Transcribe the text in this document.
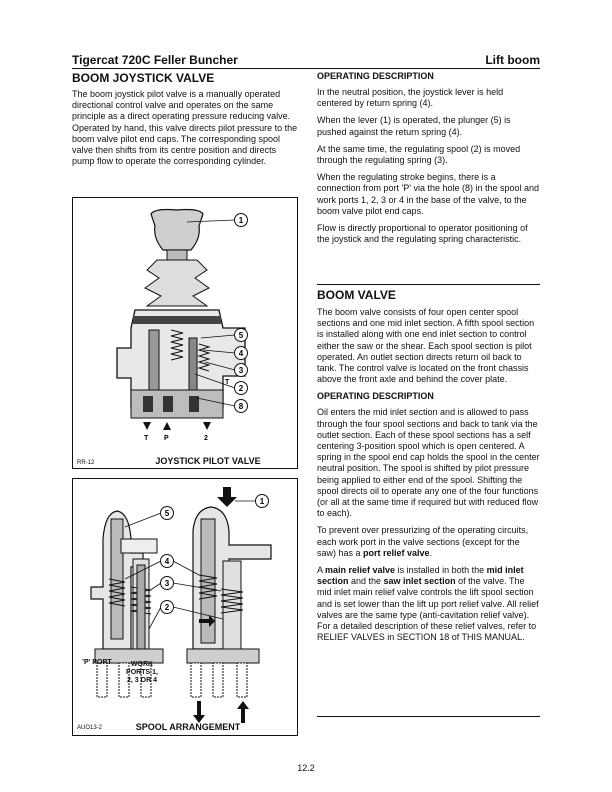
Tigercat 720C Feller Buncher	Lift boom
BOOM JOYSTICK VALVE
The boom joystick pilot valve is a manually operated directional control valve and operates on the same principle as a direct operating pressure reducing valve. Operated by hand, this valve directs pilot pressure to the boom valve pilot end caps. The corresponding spool valve then shifts from its centre position and directs pump flow to operate the corresponding cylinder.
T P	2
T
1
5
4
3
2
8
RR-12	JOYSTICK PILOT VALVE
1
5
4
3
2
'P' PORT	WORK
PORTS 1,
2, 3 OR 4
AUO13-2	SPOOL ARRANGEMENT
OPERATING DESCRIPTION
In the neutral position, the joystick lever is held centered by return spring (4).
When the lever (1) is operated, the plunger (5) is pushed against the return spring (4).
At the same time, the regulating spool (2) is moved through the regulating spring (3).
When the regulating stroke begins, there is a connection from port 'P' via the hole (8) in the spool and work ports 1, 2, 3 or 4 in the base of the valve, to the boom valve pilot end caps.
Flow is directly proportional to operator positioning of the joystick and the regulating spring characteristic.
BOOM VALVE
The boom valve consists of four open center spool sections and one mid inlet section. A fifth spool section is installed along with one end inlet section to control either the saw or the shear. Each spool section is pilot operated. An outlet section directs return oil back to tank. The control valve is located on the front chassis above the front axle and behind the cover plate.
OPERATING DESCRIPTION
Oil enters the mid inlet section and is allowed to pass through the four spool sections and back to tank via the outlet section. Each of these spool sections has a self centering 3-position spool which is open centered. A spring in the spool end cap holds the spool in the center neutral position. The spool is shifted by pilot pressure being applied to either end of the spool. Shifting the spool directs oil to operate any one of the four functions (or all at the same time if required but with reduced flow to each).
To prevent over pressurizing of the operating circuits, each work port in the valve sections (except for the saw) has a port relief valve.
A main relief valve is installed in both the mid inlet section and the saw inlet section of the valve. The mid inlet main relief valve controls the lift spool section and is set lower than the lift up port relief valve. All relief valves are the same type (anti-cavitation relief valve). For a detailed description of these relief valves, refer to RELIEF VALVES in SECTION 18 of THIS MANUAL.
12.2
